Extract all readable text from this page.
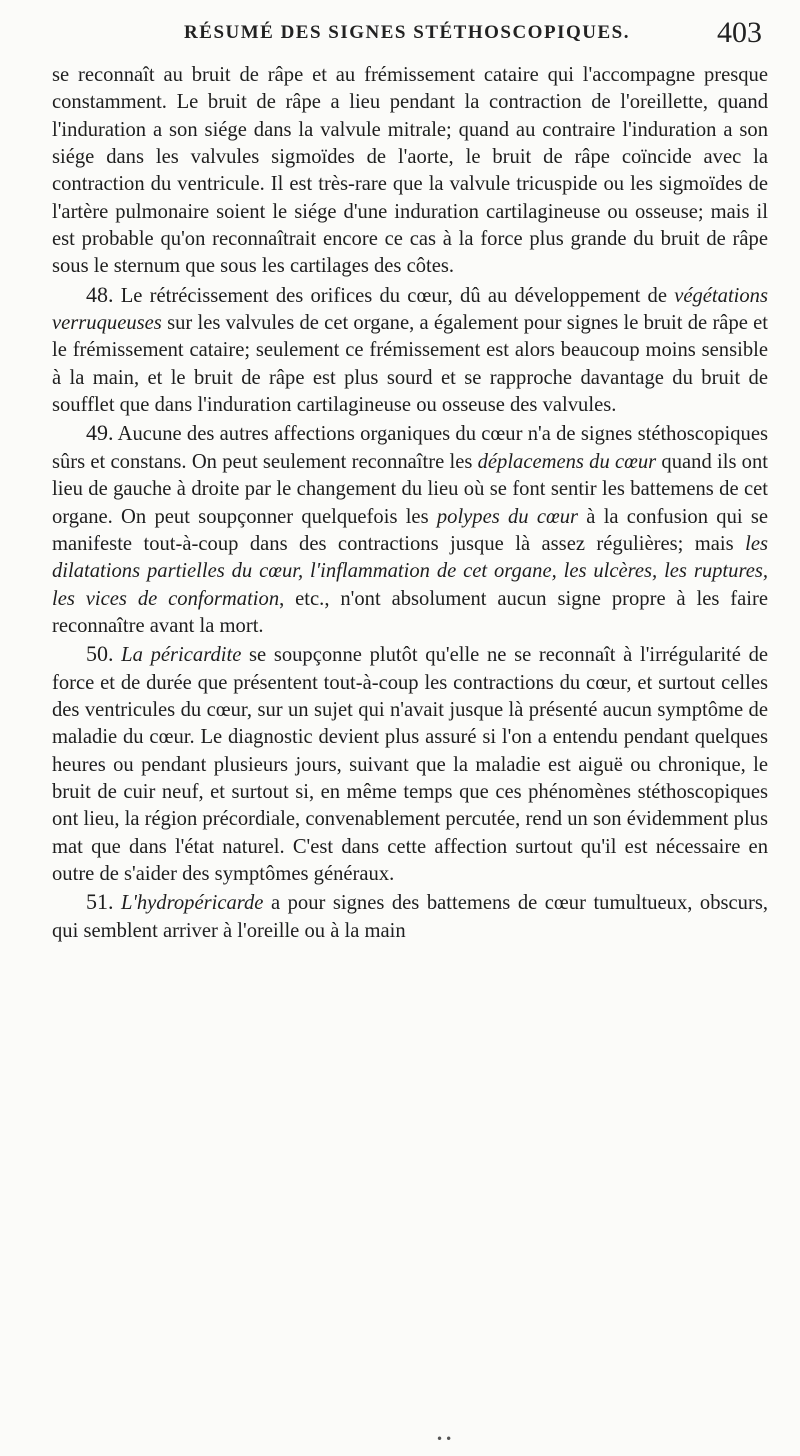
RÉSUMÉ DES SIGNES STÉTHOSCOPIQUES.	403

se reconnaît au bruit de râpe et au frémissement cataire qui l'accompagne presque constamment. Le bruit de râpe a lieu pendant la contraction de l'oreillette, quand l'induration a son siége dans la valvule mitrale; quand au contraire l'induration a son siége dans les valvules sigmoïdes de l'aorte, le bruit de râpe coïncide avec la contraction du ventricule. Il est très-rare que la valvule tricuspide ou les sigmoïdes de l'artère pulmonaire soient le siége d'une induration cartilagineuse ou osseuse; mais il est probable qu'on reconnaîtrait encore ce cas à la force plus grande du bruit de râpe sous le sternum que sous les cartilages des côtes.

48. Le rétrécissement des orifices du cœur, dû au développement de végétations verruqueuses sur les valvules de cet organe, a également pour signes le bruit de râpe et le frémissement cataire; seulement ce frémissement est alors beaucoup moins sensible à la main, et le bruit de râpe est plus sourd et se rapproche davantage du bruit de soufflet que dans l'induration cartilagineuse ou osseuse des valvules.

49. Aucune des autres affections organiques du cœur n'a de signes stéthoscopiques sûrs et constans. On peut seulement reconnaître les déplacemens du cœur quand ils ont lieu de gauche à droite par le changement du lieu où se font sentir les battemens de cet organe. On peut soupçonner quelquefois les polypes du cœur à la confusion qui se manifeste tout-à-coup dans des contractions jusque là assez régulières; mais les dilatations partielles du cœur, l'inflammation de cet organe, les ulcères, les ruptures, les vices de conformation, etc., n'ont absolument aucun signe propre à les faire reconnaître avant la mort.

50. La péricardite se soupçonne plutôt qu'elle ne se reconnaît à l'irrégularité de force et de durée que présentent tout-à-coup les contractions du cœur, et surtout celles des ventricules du cœur, sur un sujet qui n'avait jusque là présenté aucun symptôme de maladie du cœur. Le diagnostic devient plus assuré si l'on a entendu pendant quelques heures ou pendant plusieurs jours, suivant que la maladie est aiguë ou chronique, le bruit de cuir neuf, et surtout si, en même temps que ces phénomènes stéthoscopiques ont lieu, la région précordiale, convenablement percutée, rend un son évidemment plus mat que dans l'état naturel. C'est dans cette affection surtout qu'il est nécessaire en outre de s'aider des symptômes généraux.

51. L'hydropéricarde a pour signes des battemens de cœur tumultueux, obscurs, qui semblent arriver à l'oreille ou à la main

••
